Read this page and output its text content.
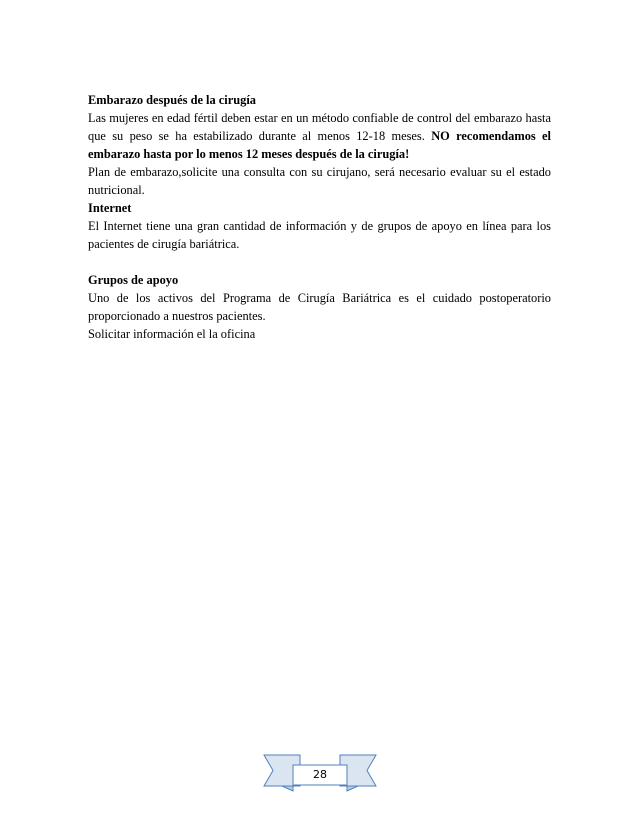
Embarazo después de la cirugía

Las mujeres en edad fértil deben estar en un método confiable de control del embarazo hasta que su peso se ha estabilizado durante al menos 12-18 meses. NO recomendamos el embarazo hasta por lo menos 12 meses después de la cirugía!

Plan de embarazo,solicite una consulta con su cirujano, será necesario evaluar su el estado nutricional.

Internet

El Internet tiene una gran cantidad de información y de grupos de apoyo en línea para los pacientes de cirugía bariátrica.

Grupos de apoyo

Uno de los activos del Programa de Cirugía Bariátrica es el cuidado postoperatorio proporcionado a nuestros pacientes.

Solicitar información el la oficina

28
